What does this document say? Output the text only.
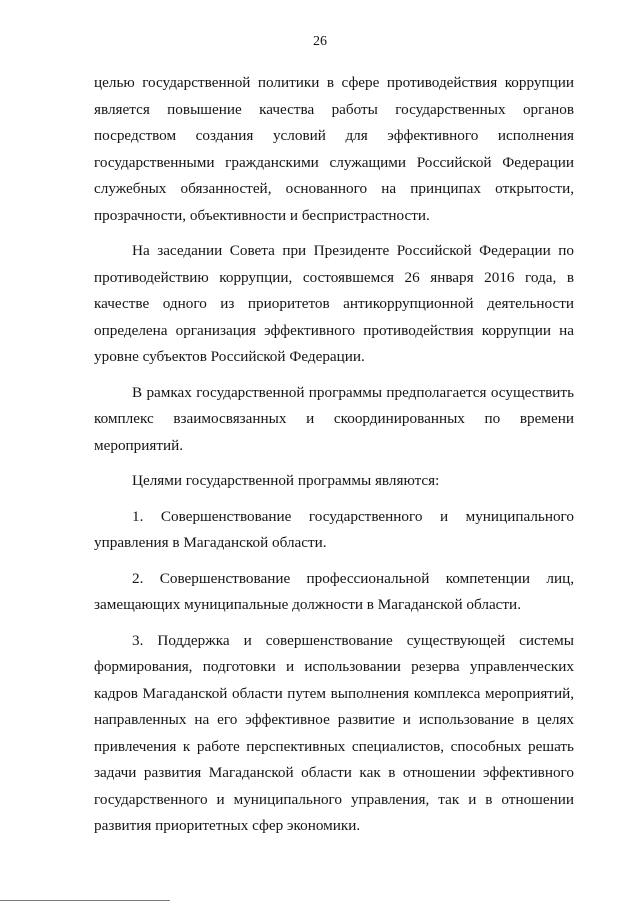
26
целью государственной политики в сфере противодействия коррупции
является повышение качества работы государственных органов
посредством создания условий для эффективного исполнения
государственными гражданскими служащими Российской Федерации
служебных обязанностей, основанного на принципах открытости,
прозрачности, объективности и беспристрастности.
На заседании Совета при Президенте Российской Федерации по
противодействию коррупции, состоявшемся 26 января 2016 года, в
качестве одного из приоритетов антикоррупционной деятельности
определена организация эффективного противодействия коррупции на
уровне субъектов Российской Федерации.
В рамках государственной программы предполагается осуществить
комплекс взаимосвязанных и скоординированных по времени
мероприятий.
Целями государственной программы являются:
1. Совершенствование государственного и муниципального
управления в Магаданской области.
2. Совершенствование профессиональной компетенции лиц,
замещающих муниципальные должности в Магаданской области.
3. Поддержка и совершенствование существующей системы
формирования, подготовки и использовании резерва управленческих
кадров Магаданской области путем выполнения комплекса мероприятий,
направленных на его эффективное развитие и использование в целях
привлечения к работе перспективных специалистов, способных решать
задачи развития Магаданской области как в отношении эффективного
государственного и муниципального управления, так и в отношении
развития приоритетных сфер экономики.
